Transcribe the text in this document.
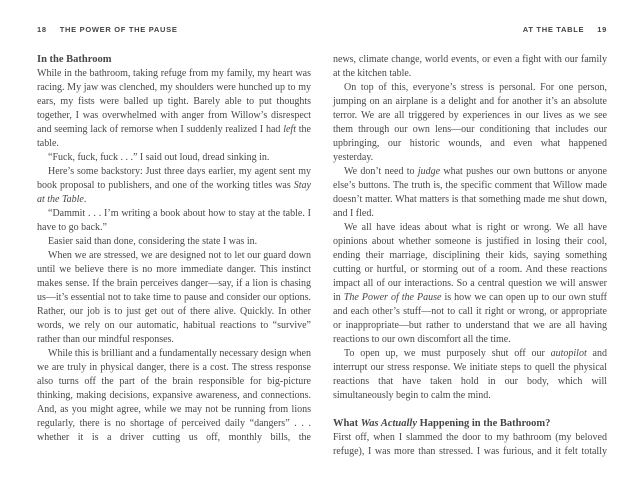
18 THE POWER OF THE PAUSE

In the Bathroom

While in the bathroom, taking refuge from my family, my heart was racing. My jaw was clenched, my shoulders were hunched up to my ears, my fists were balled up tight. Barely able to put thoughts together, I was overwhelmed with anger from Willow’s disrespect and seeming lack of remorse when I suddenly realized I had left the table.

“Fuck, fuck, fuck . . .” I said out loud, dread sinking in.

Here’s some backstory: Just three days earlier, my agent sent my book proposal to publishers, and one of the working titles was Stay at the Table.

“Dammit . . . I’m writing a book about how to stay at the table. I have to go back.”

Easier said than done, considering the state I was in.

When we are stressed, we are designed not to let our guard down until we believe there is no more immediate danger. This instinct makes sense. If the brain perceives danger—say, if a lion is chasing us—it’s essential not to take time to pause and consider our options. Rather, our job is to just get out of there alive. Quickly. In other words, we rely on our automatic, habitual reactions to “survive” rather than our mindful responses.

While this is brilliant and a fundamentally necessary design when we are truly in physical danger, there is a cost. The stress response also turns off the part of the brain responsible for big-picture thinking, making decisions, expansive awareness, and connections. And, as you might agree, while we may not be running from lions regularly, there is no shortage of perceived daily “dangers” . . . whether it is a driver cutting us off, monthly bills, the

AT THE TABLE 19

news, climate change, world events, or even a fight with our family at the kitchen table.

On top of this, everyone’s stress is personal. For one person, jumping on an airplane is a delight and for another it’s an absolute terror. We are all triggered by experiences in our lives as we see them through our own lens—our conditioning that includes our upbringing, our historic wounds, and even what happened yesterday.

We don’t need to judge what pushes our own buttons or anyone else’s buttons. The truth is, the specific comment that Willow made doesn’t matter. What matters is that something made me shut down, and I fled.

We all have ideas about what is right or wrong. We all have opinions about whether someone is justified in losing their cool, ending their marriage, disciplining their kids, saying something cutting or hurtful, or storming out of a room. And these reactions impact all of our interactions. So a central question we will answer in The Power of the Pause is how we can open up to our own stuff and each other’s stuff—not to call it right or wrong, or appropriate or inappropriate—but rather to understand that we are all having reactions to our own discomfort all the time.

To open up, we must purposely shut off our autopilot and interrupt our stress response. We initiate steps to quell the physical reactions that have taken hold in our body, which will simultaneously begin to calm the mind.

What Was Actually Happening in the Bathroom?

First off, when I slammed the door to my bathroom (my beloved refuge), I was more than stressed. I was furious, and it felt totally
